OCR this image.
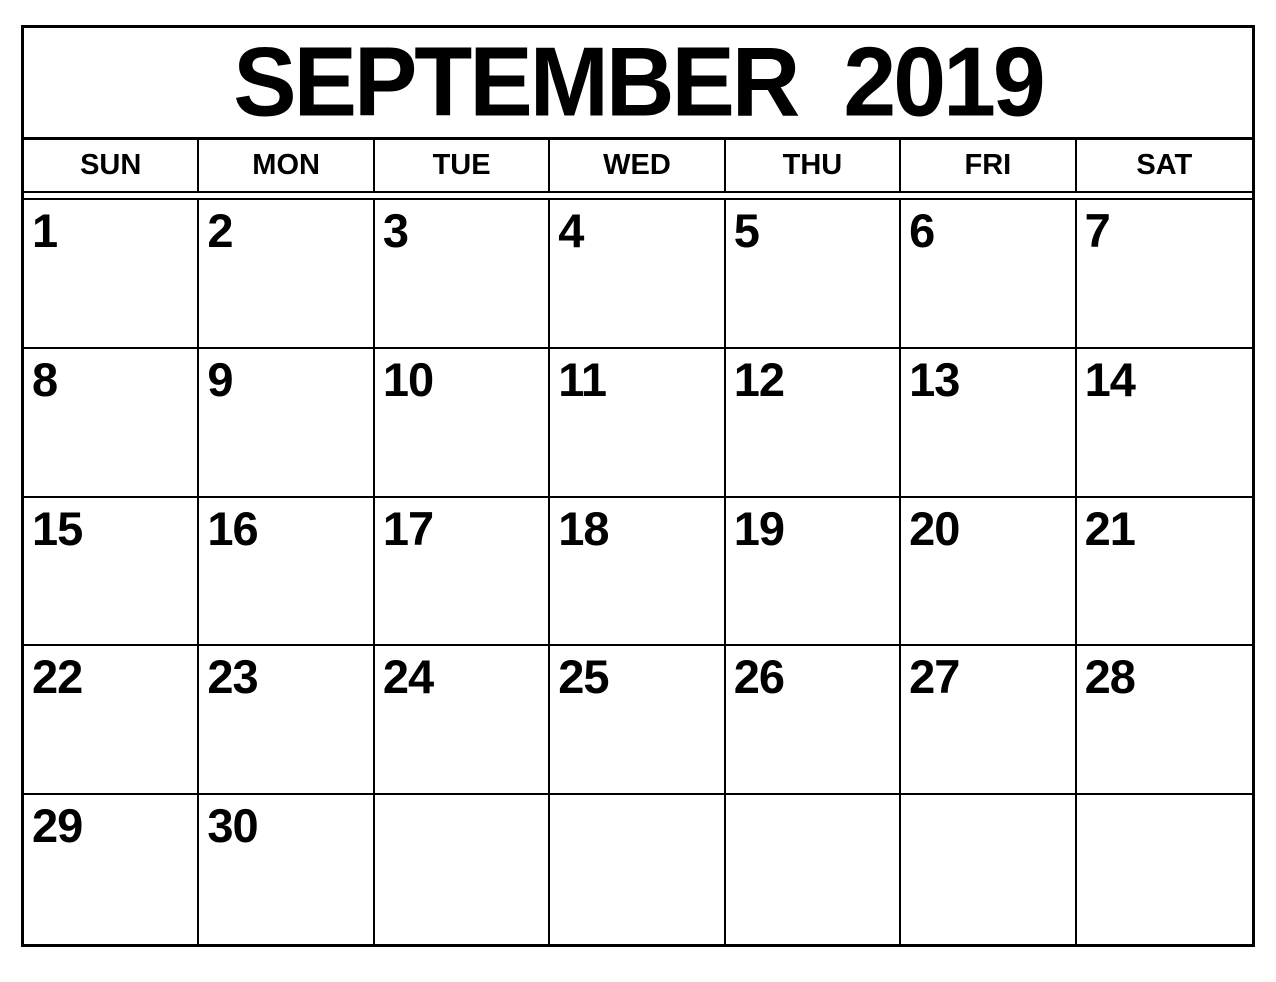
SEPTEMBER 2019
SUN	MON	TUE	WED	THU	FRI	SAT
1	2	3	4	5	6	7
8	9	10	11	12	13	14
15	16	17	18	19	20	21
22	23	24	25	26	27	28
29	30
